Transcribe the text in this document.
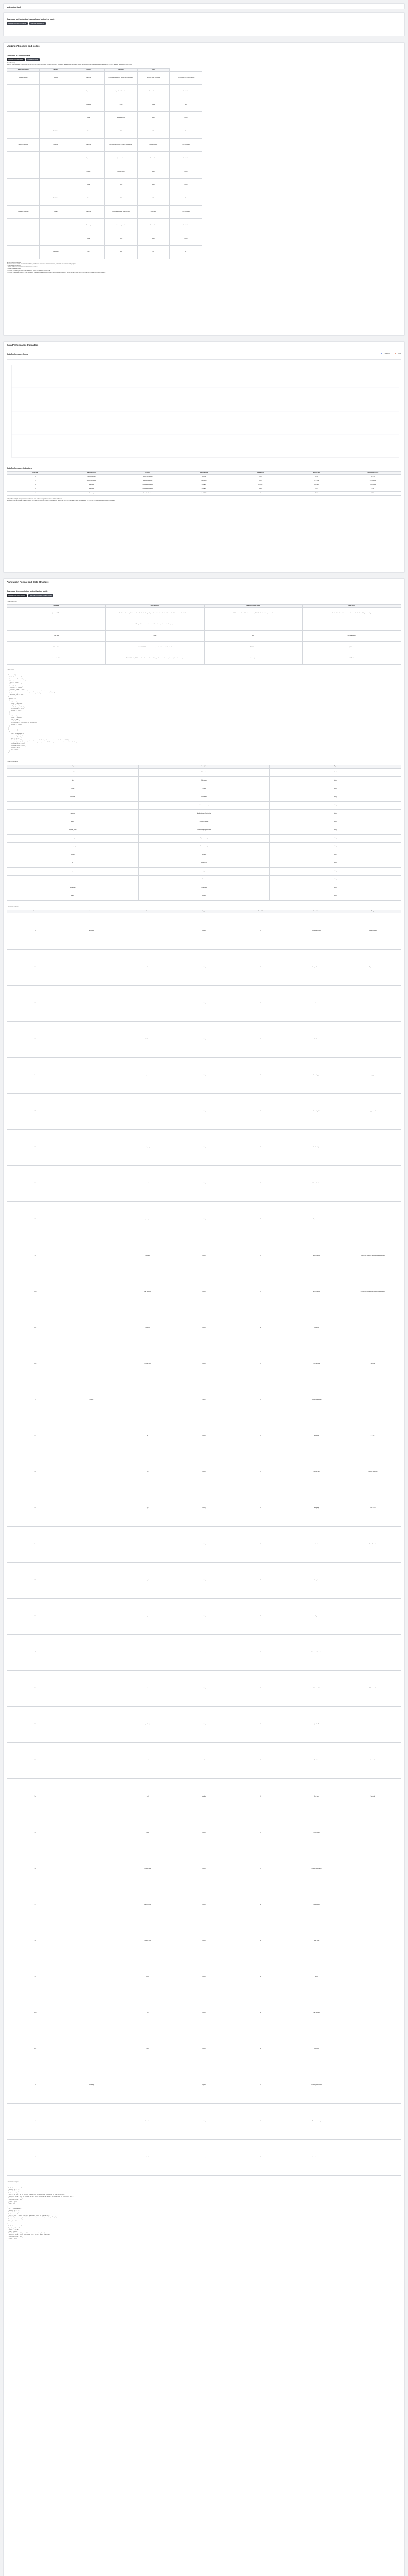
authoring tool
Download authoring tool manuals and authoring tools
Download Authoring Tool Manual	Download Authoring Tool
Utilizing AI models and codes
Download AI Model Details
Download AI Model Details	Download AI Model
Model Summary
Describe what constitutes in this project can be seen for speech recognition, speaker(diarization) recognition, and automatic generative models, are required in language appropriate labeling, and therefore, and their efficiently for each model.
Model (Task/Service)	Structure	Training	Validation	Test	
Voice recognition	Whisper	Utterance	Processed utterances / Training with transcription	Utterance after processing	Test compiling the cross-checking
		Speaker	Speaker information	Cross-check info	Verification
		Tokenizing	Prefix	Suffix	Test
		Length	Short utterance	Mid	Long
	Data/Batch	Size	48k	6k	6k
Speaker Diarization	Pyannote	Utterance	Processed utterances / Training segmentation	Segments after	Test compiling
		Speaker	Speaker labels	Cross-check	Verification
		Overlap	Overlap region	Mid	Long
		Length	Short	Mid	Long
	Data/Batch	Size	48k	6k	6k
Generative Summary	KoBART	Utterance	Processed dialogue / summary pairs	Pairs after	Test compiling
		Summary	Summary labels	Cross-check	Verification
		Length	Short	Mid	Long
	Data/Batch	Size	48k	6k	6k
Service Utilization Scenario
This audio dataset can be used for video subtitles, conference summaries and transcriptions, and can be used for research purposes.
■ Video subtitle generation
■ Official conference summaries and transcription services
■ Online lecture transcripts
In the case of meeting minutes, it can be used for record management and retrieval.
In the case of language research, it can be used for natural language processing, such as detecting and correcting typos, and generating summaries used for language processing research.
Data Performance Indicators
Data Performance Score	Measured	Target
Data Performance Indicators
Item/Task	Measurement Item	AI TASK	Learning model	Verified items	Baseline value	Measurement result
1	Voice recognition	Speech Recognition	Whisper	CER	18 %	12.3 %
2	Speaker recognition	Speaker Diarization	Pyannote	DER	25 % Error	17.7 % Error
3	Summary	Generative summary	KoBART	ROUGE	0.45 point	0.521 point
4	Summary	Generative summary	KoBART	BLEU	0.12	0.29
5	Summary	Text classification	KoBERT	F1	80 %	87 %
※ If you have multiple data performance indicators, click each item to graph the values of those indicators.
※ Depending on the AI model evaluation index, the image and judgment criteria of the measured values may vary, so if the value is lower rate, the lower the error rate, the better the performance is evaluated.
Annotation Format and Data Structure
Download documentation and utilization guide
Download Data Documentation	Download Deployment Utilization Guide
1. Data Description
Data name	Data definition	Data construction criteria	Data Planner
Speech with Audio	Explains audio from politicians reduces the density of original speech, dedicated to each extracted record with timestamp and meta-information	16 kHz, mono channel, 2 minutes or more, 16 - 70 subjects of dialogue records	Standard data format; two or more of the speech data from dialogue recordings
	Designed for a speaker-rich form with minute segments combined in groups		
Data Type	Audio	Json	Json of document
Volume data	A total of 3,000 hours of recording collected in the specified period	2,000 hours	3,000 hours
Annotation data	A total of about 1,800 hours of recorded speech metadata, speaker info and timestamp transcription with summary	Transcript	JSON file
2. Json format
{
"metadata":{
"id": "NSR0000000",
"creator": "CoBrain",
"distributor": "CoBrain",
"year": "2023",
"date": "20231223",
"media": "Internet",
"category": "Korean",
"category_name": "bill",
"category": "Procedures related to government administration",
"subcategory": "Procedures related to policy/government activities",
"duration_sec": "1.9"
},
"speaker": [
{
"id": "1",
"role": "Narrator",
"age": "50s",
"sex": "Unspecified",
"occupation": "null",
"Region": "null"
},
{
"id": "2",
"role": "Speaker",
"age": "50s",
"sex": "Male",
"occupation": "Professor of literature",
"Region": "Seoul"
}
],
"utterance": [
{
"id": "NSR0000000.1",
"speaker_id": "1",
"start": "1.31",
"end": "4.73",
"form": "We will go to ask you a question following the interview in the first half.",
"original_form": "Oh, It's time to ask you a question following the interview in the first half.",
"isIdiomPhrase": null,
"isIdiomPrefix": null,
"slang": null,
"ccb": null
}
]
}
3. Data Configuration
Key	Description	Type
metadata	Metadata	object
title	File name	string
creator	Creator	string
distributor	Distributor	string
year	Year of recording	string
category	Broadcast type classification	string
media	Channel medium	string
program_name	Conference program name	string
category	Major category	string
subcategory	Minor category	string
speaker	Speaker	array
id	Speaker ID	string
age	Age	string
sex	Gender	string
occupation	Occupation	string
region	Region	string
4. Annotation Schema
Number	Item name	Item	Type	Essential	Description	Range
1	metadata		object	Y	Basic information	See description
1-1		title	string	Y	Unique file name	Alphanumeric
1-2		creator	string	Y	Creator	
1-3		distributor	string	Y	Distributor	
1-4		year	string	Y	Recording year	yyyy
1-5		date	string	Y	Recording date	yyyymmdd
1-6		category	string	Y	Broadcast type	
1-7		media	string	Y	Channel medium	
1-8		program_name	string	N	Program name	
1-9		category	string	Y	Major category	Procedures related to government administration
1-10		sub_category	string	Y	Minor category	Procedures related to policy/government activities
1-11		keyword	string	N	Keyword	
1-12		duration_sec	string	Y	Total duration	Seconds
2	speaker		array	Y	Speaker information	
2-1		id	string	Y	Speaker ID	1, 2, 3 ...
2-2		role	string	Y	Speaker role	Narrator, Speaker
2-3		age	string	Y	Age group	10s ~ 70s
2-4		sex	string	Y	Gender	Male, Female
2-5		occupation	string	N	Occupation	
2-6		region	string	N	Region	
3	utterance		array	Y	Utterance information	
3-1		id	string	Y	Utterance ID	NSR + number
3-2		speaker_id	string	Y	Speaker ID	
3-3		start	number	Y	Start time	Seconds
3-4		end	number	Y	End time	Seconds
3-5		form	string	Y	Transcription	
3-6		original_form	string	Y	Original transcription	
3-7		isIdiomPhrase	string	N	Idiom phrase	
3-8		isIdiomPrefix	string	N	Idiom prefix	
3-9		slang	string	N	Slang	
3-10		ccb	string	N	Code switching	
3-11		note	string	N	Remarks	
4	summary		object	Y	Summary information	
4-1		abstractive	string	Y	Abstract summary	
4-2		extractive	array	Y	Extractive summary	
5. Annotation example
{
"id": "NSR0000000.1",
"speaker_id": "1",
"start": "1.31",
"end": "4.73",
"form": "We will go to ask you a question following the interview in the first half.",
"original_form": "Oh, It's time to ask you a question following the interview in the first half.",
"isIdiomPhrase": null,
"isIdiomPrefix": null,
"slang": null,
"ccb": null
},
{
"id": "NSR0000000.2",
"speaker_id": "2",
"start": "5.02",
"end": "12.40",
"form": "Yes, I think the most important thing is the policy.",
"original_form": "Yes, I think the most important thing is the policy.",
"isIdiomPhrase": null,
"slang": null
},
{
"id": "NSR0000000.3",
"speaker_id": "1",
"start": "12.88",
"end": "20.15",
"form": "Then, could you tell us more about the plan?",
"original_form": "Then, could you tell us more about the plan?",
"isIdiomPhrase": null,
"slang": null
}
